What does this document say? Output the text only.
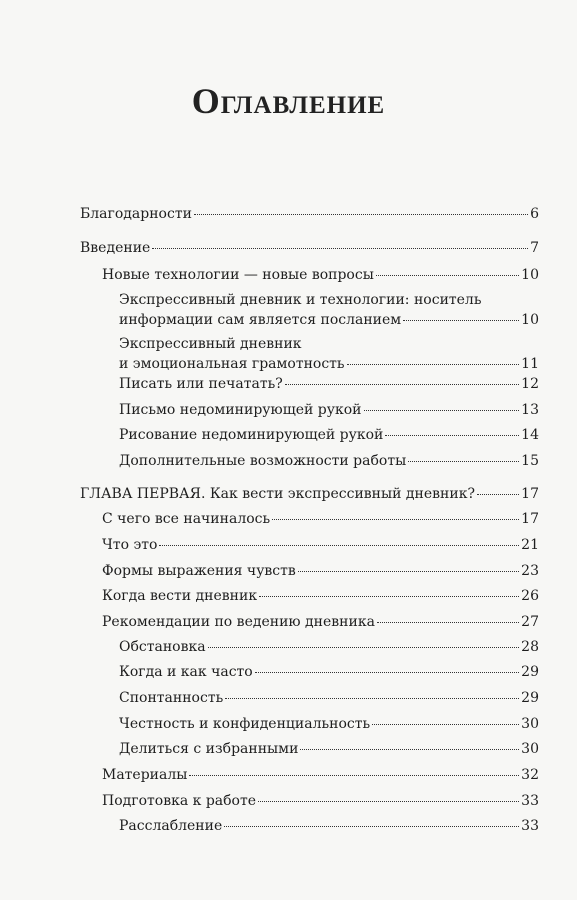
Оглавление
Благодарности	6
Введение	7
Новые технологии — новые вопросы	10
Экспрессивный дневник и технологии: носитель
информации сам является посланием	10
Экспрессивный дневник
и эмоциональная грамотность	11
Писать или печатать?	12
Письмо недоминирующей рукой	13
Рисование недоминирующей рукой	14
Дополнительные возможности работы	15
ГЛАВА ПЕРВАЯ. Как вести экспрессивный дневник?	17
С чего все начиналось	17
Что это	21
Формы выражения чувств	23
Когда вести дневник	26
Рекомендации по ведению дневника	27
Обстановка	28
Когда и как часто	29
Спонтанность	29
Честность и конфиденциальность	30
Делиться с избранными	30
Материалы	32
Подготовка к работе	33
Расслабление	33
